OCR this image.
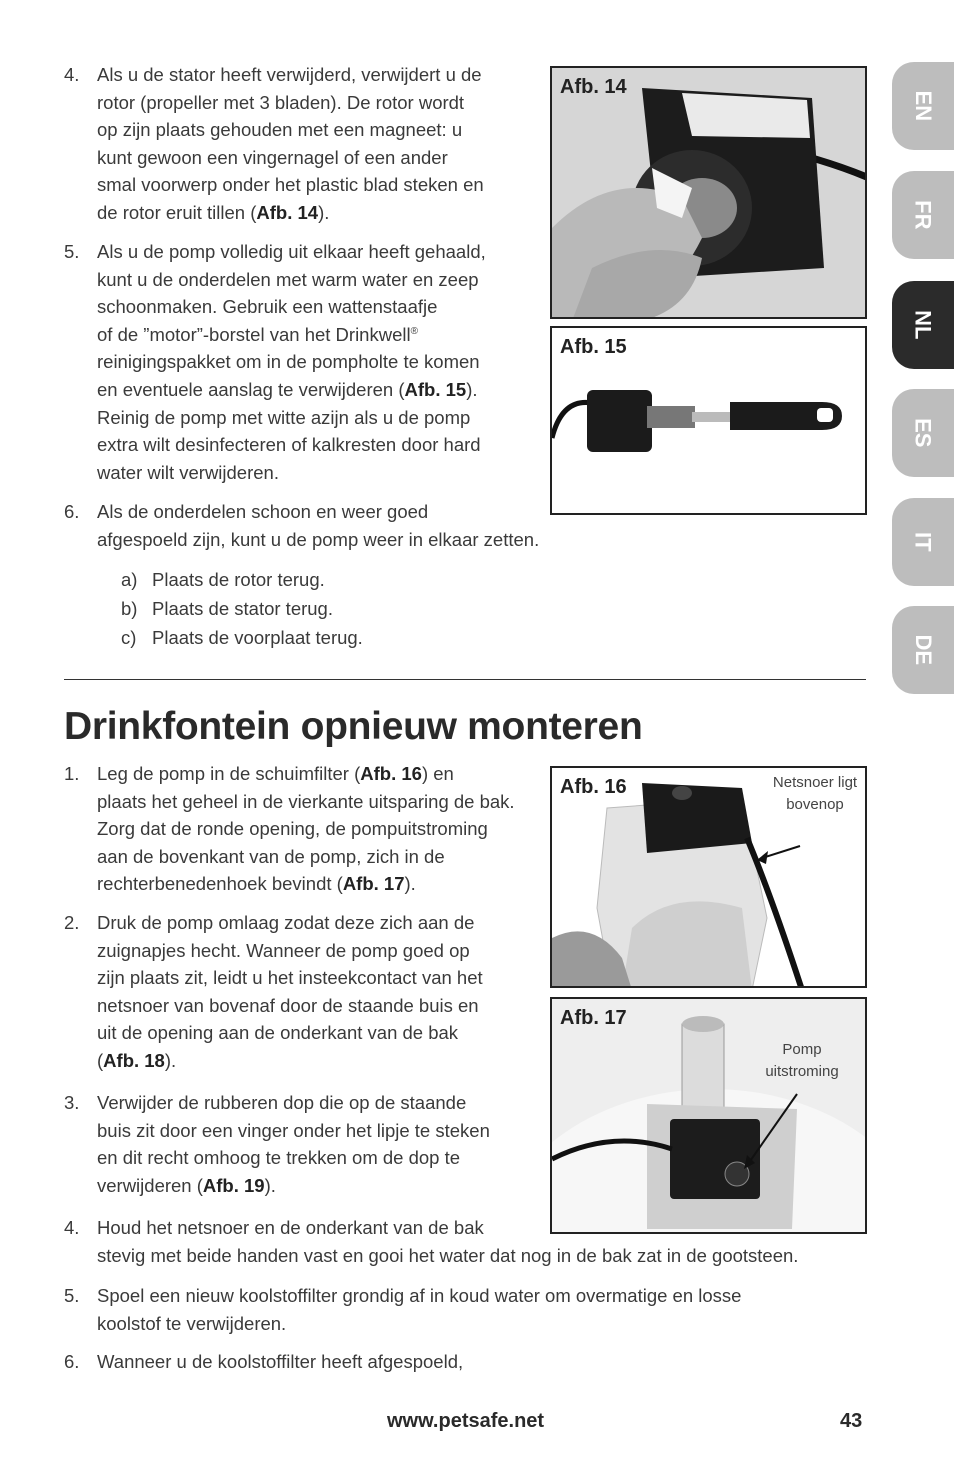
4. Als u de stator heeft verwijderd, verwijdert u de
rotor (propeller met 3 bladen). De rotor wordt
op zijn plaats gehouden met een magneet: u
kunt gewoon een vingernagel of een ander
smal voorwerp onder het plastic blad steken en
de rotor eruit tillen (Afb. 14).
5. Als u de pomp volledig uit elkaar heeft gehaald,
kunt u de onderdelen met warm water en zeep
schoonmaken. Gebruik een wattenstaafje
of de ”motor”-borstel van het Drinkwell®
reinigingspakket om in de pompholte te komen
en eventuele aanslag te verwijderen (Afb. 15).
Reinig de pomp met witte azijn als u de pomp
extra wilt desinfecteren of kalkresten door hard
water wilt verwijderen.
6. Als de onderdelen schoon en weer goed
afgespoeld zijn, kunt u de pomp weer in elkaar zetten.
a) Plaats de rotor terug.
b) Plaats de stator terug.
c) Plaats de voorplaat terug.
Afb. 14
Afb. 15
EN
FR
NL
ES
IT
DE
Drinkfontein opnieuw monteren
1. Leg de pomp in de schuimfilter (Afb. 16) en
plaats het geheel in de vierkante uitsparing de bak.
Zorg dat de ronde opening, de pompuitstroming
aan de bovenkant van de pomp, zich in de
rechterbenedenhoek bevindt (Afb. 17).
2. Druk de pomp omlaag zodat deze zich aan de
zuignapjes hecht. Wanneer de pomp goed op
zijn plaats zit, leidt u het insteekcontact van het
netsnoer van bovenaf door de staande buis en
uit de opening aan de onderkant van de bak
(Afb. 18).
3. Verwijder de rubberen dop die op de staande
buis zit door een vinger onder het lipje te steken
en dit recht omhoog te trekken om de dop te
verwijderen (Afb. 19).
4. Houd het netsnoer en de onderkant van de bak
stevig met beide handen vast en gooi het water dat nog in de bak zat in de gootsteen.
5. Spoel een nieuw koolstoffilter grondig af in koud water om overmatige en losse
koolstof te verwijderen.
6. Wanneer u de koolstoffilter heeft afgespoeld,
Afb. 16	Netsnoer ligt
bovenop
Afb. 17
Pomp
uitstroming
www.petsafe.net	43
